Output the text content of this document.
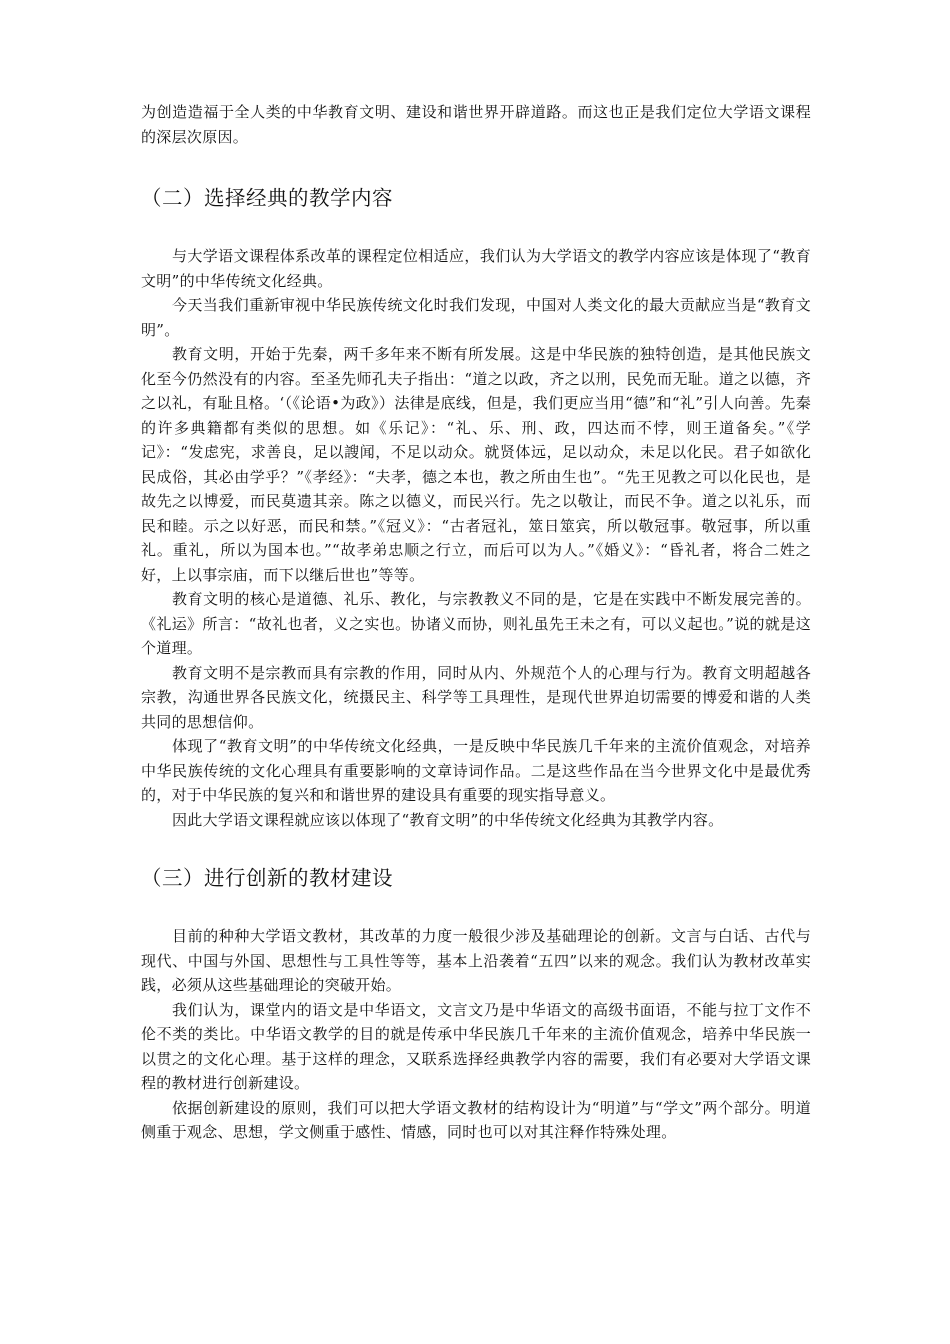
为创造造福于全人类的中华教育文明、建设和谐世界开辟道路。而这也正是我们定位大学语文课程的深层次原因。

（二）选择经典的教学内容

与大学语文课程体系改革的课程定位相适应，我们认为大学语文的教学内容应该是体现了“教育文明”的中华传统文化经典。

今天当我们重新审视中华民族传统文化时我们发现，中国对人类文化的最大贡献应当是“教育文明”。

教育文明，开始于先秦，两千多年来不断有所发展。这是中华民族的独特创造，是其他民族文化至今仍然没有的内容。至圣先师孔夫子指出：“道之以政，齐之以刑，民免而无耻。道之以德，齐之以礼，有耻且格。‘（《论语•为政》）法律是底线，但是，我们更应当用“德”和“礼”引人向善。先秦的许多典籍都有类似的思想。如《乐记》：“礼、乐、刑、政，四达而不悖，则王道备矣。”《学记》：“发虑宪，求善良，足以謏闻，不足以动众。就贤体远，足以动众，未足以化民。君子如欲化民成俗，其必由学乎？”《孝经》：“夫孝，德之本也，教之所由生也”。“先王见教之可以化民也，是故先之以博爱，而民莫遗其亲。陈之以德义，而民兴行。先之以敬让，而民不争。道之以礼乐，而民和睦。示之以好恶，而民和禁。”《冠义》：“古者冠礼，筮日筮宾，所以敬冠事。敬冠事，所以重礼。重礼，所以为国本也。”“故孝弟忠顺之行立，而后可以为人。”《婚义》：“昏礼者，将合二姓之好，上以事宗庙，而下以继后世也”等等。

教育文明的核心是道德、礼乐、教化，与宗教教义不同的是，它是在实践中不断发展完善的。《礼运》所言：“故礼也者，义之实也。协诸义而协，则礼虽先王未之有，可以义起也。”说的就是这个道理。

教育文明不是宗教而具有宗教的作用，同时从内、外规范个人的心理与行为。教育文明超越各宗教，沟通世界各民族文化，统摄民主、科学等工具理性，是现代世界迫切需要的博爱和谐的人类共同的思想信仰。

体现了“教育文明”的中华传统文化经典，一是反映中华民族几千年来的主流价值观念，对培养中华民族传统的文化心理具有重要影响的文章诗词作品。二是这些作品在当今世界文化中是最优秀的，对于中华民族的复兴和和谐世界的建设具有重要的现实指导意义。

因此大学语文课程就应该以体现了“教育文明”的中华传统文化经典为其教学内容。

（三）进行创新的教材建设

目前的种种大学语文教材，其改革的力度一般很少涉及基础理论的创新。文言与白话、古代与现代、中国与外国、思想性与工具性等等，基本上沿袭着“五四”以来的观念。我们认为教材改革实践，必须从这些基础理论的突破开始。

我们认为，课堂内的语文是中华语文，文言文乃是中华语文的高级书面语，不能与拉丁文作不伦不类的类比。中华语文教学的目的就是传承中华民族几千年来的主流价值观念，培养中华民族一以贯之的文化心理。基于这样的理念，又联系选择经典教学内容的需要，我们有必要对大学语文课程的教材进行创新建设。

依据创新建设的原则，我们可以把大学语文教材的结构设计为“明道”与“学文”两个部分。明道侧重于观念、思想，学文侧重于感性、情感，同时也可以对其注释作特殊处理。
